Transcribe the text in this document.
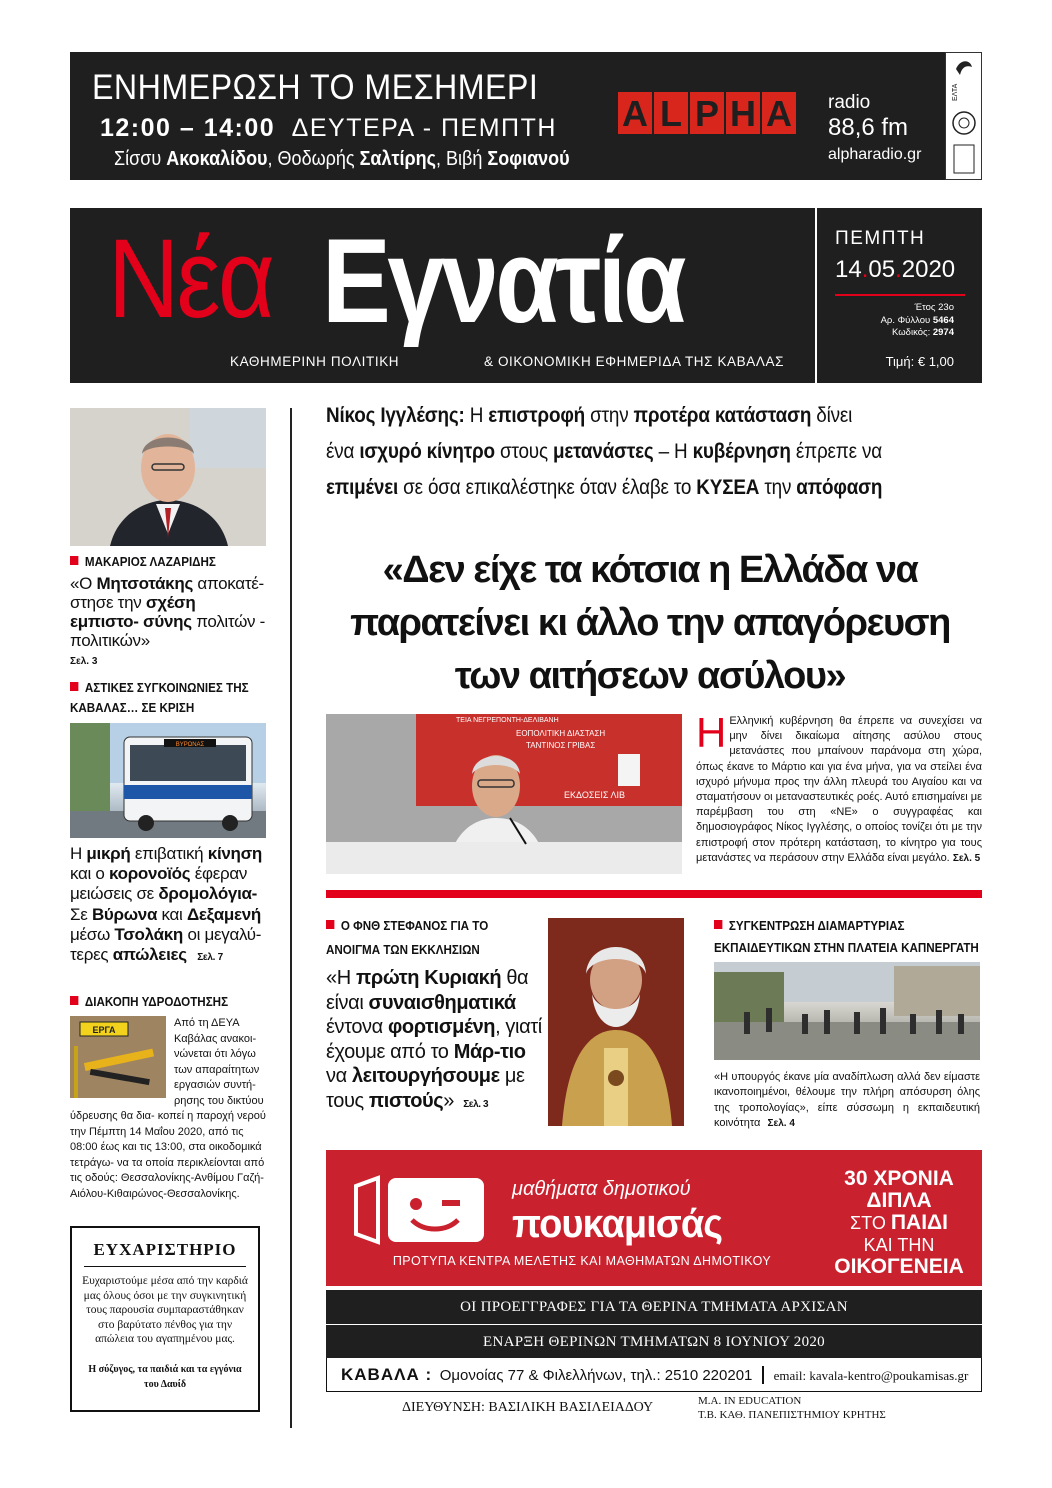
ΕΝΗΜΕΡΩΣΗ ΤΟ ΜΕΣΗΜΕΡΙ
12:00 – 14:00 ΔΕΥΤΕΡΑ - ΠΕΜΠΤΗ
Σίσσυ Ακοκαλίδου, Θοδωρής Σαλτίρης, Βιβή Σοφιανού
A L P H A	radio
88,6 fm
alpharadio.gr
ΕΛΤΑ
Νέα Εγνατία
ΚΑΘΗΜΕΡΙΝΗ ΠΟΛΙΤΙΚΗ	& ΟΙΚΟΝΟΜΙΚΗ ΕΦΗΜΕΡΙΔΑ ΤΗΣ ΚΑΒΑΛΑΣ
ΠΕΜΠΤΗ
14.05.2020
Έτος 23ο
Αρ. Φύλλου 5464
Κωδικός: 2974
Τιμή: € 1,00
ΜΑΚΑΡΙΟΣ ΛΑΖΑΡΙΔΗΣ
«Ο Μητσοτάκης αποκατέ- στησε την σχέση εμπιστο- σύνης πολιτών - πολιτικών»
Σελ. 3
ΑΣΤΙΚΕΣ ΣΥΓΚΟΙΝΩΝΙΕΣ ΤΗΣ
ΚΑΒΑΛΑΣ… ΣΕ ΚΡΙΣΗ
ΒΥΡΩΝΑΣ
Η μικρή επιβατική κίνηση και ο κορονοϊός έφεραν μειώσεις σε δρομολόγια- Σε Βύρωνα και Δεξαμενή μέσω Τσολάκη οι μεγαλύ- τερες απώλειες Σελ. 7
ΔΙΑΚΟΠΗ ΥΔΡΟΔΟΤΗΣΗΣ
ΕΡΓΑ
Από τη ΔΕΥΑ Καβάλας ανακοι- νώνεται ότι λόγω των απαραίτητων εργασιών συντή- ρησης του δικτύου ύδρευσης θα δια- κοπεί η παροχή νερού την Πέμπτη 14 Μαΐου 2020, από τις 08:00 έως και τις 13:00, στα οικοδομικά τετράγω- να τα οποία περικλείονται από τις οδούς: Θεσσαλονίκης-Ανθίμου Γαζή-Αιόλου-Κιθαιρώνος-Θεσσαλονίκης.
ΕΥΧΑΡΙΣΤΗΡΙΟ
Ευχαριστούμε μέσα από την καρδιά μας όλους όσοι με την συγκινητική τους παρουσία συμπαραστάθηκαν στο βαρύτατο πένθος για την απώλεια του αγαπημένου μας.
Η σύζυγος, τα παιδιά και τα εγγόνια του Δαυίδ
Νίκος Ιγγλέσης: Η επιστροφή στην προτέρα κατάσταση δίνει
ένα ισχυρό κίνητρο στους μετανάστες – Η κυβέρνηση έπρεπε να
επιμένει σε όσα επικαλέστηκε όταν έλαβε το ΚΥΣΕΑ την απόφαση
«Δεν είχε τα κότσια η Ελλάδα να
παρατείνει κι άλλο την απαγόρευση
των αιτήσεων ασύλου»
ΤΕΙΑ ΝΕΓΡΕΠΟΝΤΗ-ΔΕΛΙΒΑΝΗ
ΕΟΠΟΛΙΤΙΚΗ ΔΙΑΣΤΑΣΗ
ΤΑΝΤΙΝΟΣ ΓΡΙΒΑΣ
ΕΚΔΟΣΕΙΣ ΛΙΒ
Η Ελληνική κυβέρνηση θα έπρεπε να συνεχίσει να μην δίνει δικαίωμα αίτησης ασύλου στους μετανάστες που μπαίνουν παράνομα στη χώρα, όπως έκανε το Μάρτιο και για ένα μήνα, για να στείλει ένα ισχυρό μήνυμα προς την άλλη πλευρά του Αιγαίου και να σταματήσουν οι μεταναστευτικές ροές. Αυτό επισημαίνει με παρέμβαση του στη «ΝΕ» ο συγγραφέας και δημοσιογράφος Νίκος Ιγγλέσης, ο οποίος τονίζει ότι με την επιστροφή στον πρότερη κατάσταση, το κίνητρο για τους μετανάστες να περάσουν στην Ελλάδα είναι μεγάλο. Σελ. 5
Ο ΦΝΘ ΣΤΕΦΑΝΟΣ ΓΙΑ ΤΟ
ΑΝΟΙΓΜΑ ΤΩΝ ΕΚΚΛΗΣΙΩΝ
«Η πρώτη Κυριακή θα είναι συναισθηματικά έντονα φορτισμένη, γιατί έχουμε από το Μάρ-τιο να λειτουργήσουμε με τους πιστούς» Σελ. 3
ΣΥΓΚΕΝΤΡΩΣΗ ΔΙΑΜΑΡΤΥΡΙΑΣ
ΕΚΠΑΙΔΕΥΤΙΚΩΝ ΣΤΗΝ ΠΛΑΤΕΙΑ ΚΑΠΝΕΡΓΑΤΗ
«Η υπουργός έκανε μία αναδίπλωση αλλά δεν είμαστε ικανοποιημένοι, θέλουμε την πλήρη απόσυρση όλης της τροπολογίας», είπε σύσσωμη η εκπαιδευτική κοινότητα Σελ. 4
μαθήματα δημοτικού
πουκαμισάς
ΠΡΟΤΥΠΑ ΚΕΝΤΡΑ ΜΕΛΕΤΗΣ ΚΑΙ ΜΑΘΗΜΑΤΩΝ ΔΗΜΟΤΙΚΟΥ
30 ΧΡΟΝΙΑ
ΔΙΠΛΑ
ΣΤΟ ΠΑΙΔΙ
ΚΑΙ ΤΗΝ
ΟΙΚΟΓΕΝΕΙΑ
ΟΙ ΠΡΟΕΓΓΡΑΦΕΣ ΓΙΑ ΤΑ ΘΕΡΙΝΑ ΤΜΗΜΑΤΑ ΑΡΧΙΣΑΝ
ΕΝΑΡΞΗ ΘΕΡΙΝΩΝ ΤΜΗΜΑΤΩΝ 8 ΙΟΥΝΙΟΥ 2020
ΚΑΒΑΛΑ : Ομονοίας 77 & Φιλελλήνων, τηλ.: 2510 220201 email: kavala-kentro@poukamisas.gr
ΔΙΕΥΘΥΝΣΗ: ΒΑΣΙΛΙΚΗ ΒΑΣΙΛΕΙΑΔΟΥ	M.A. IN EDUCATION
Τ.Β. ΚΑΘ. ΠΑΝΕΠΙΣΤΗΜΙΟΥ ΚΡΗΤΗΣ
